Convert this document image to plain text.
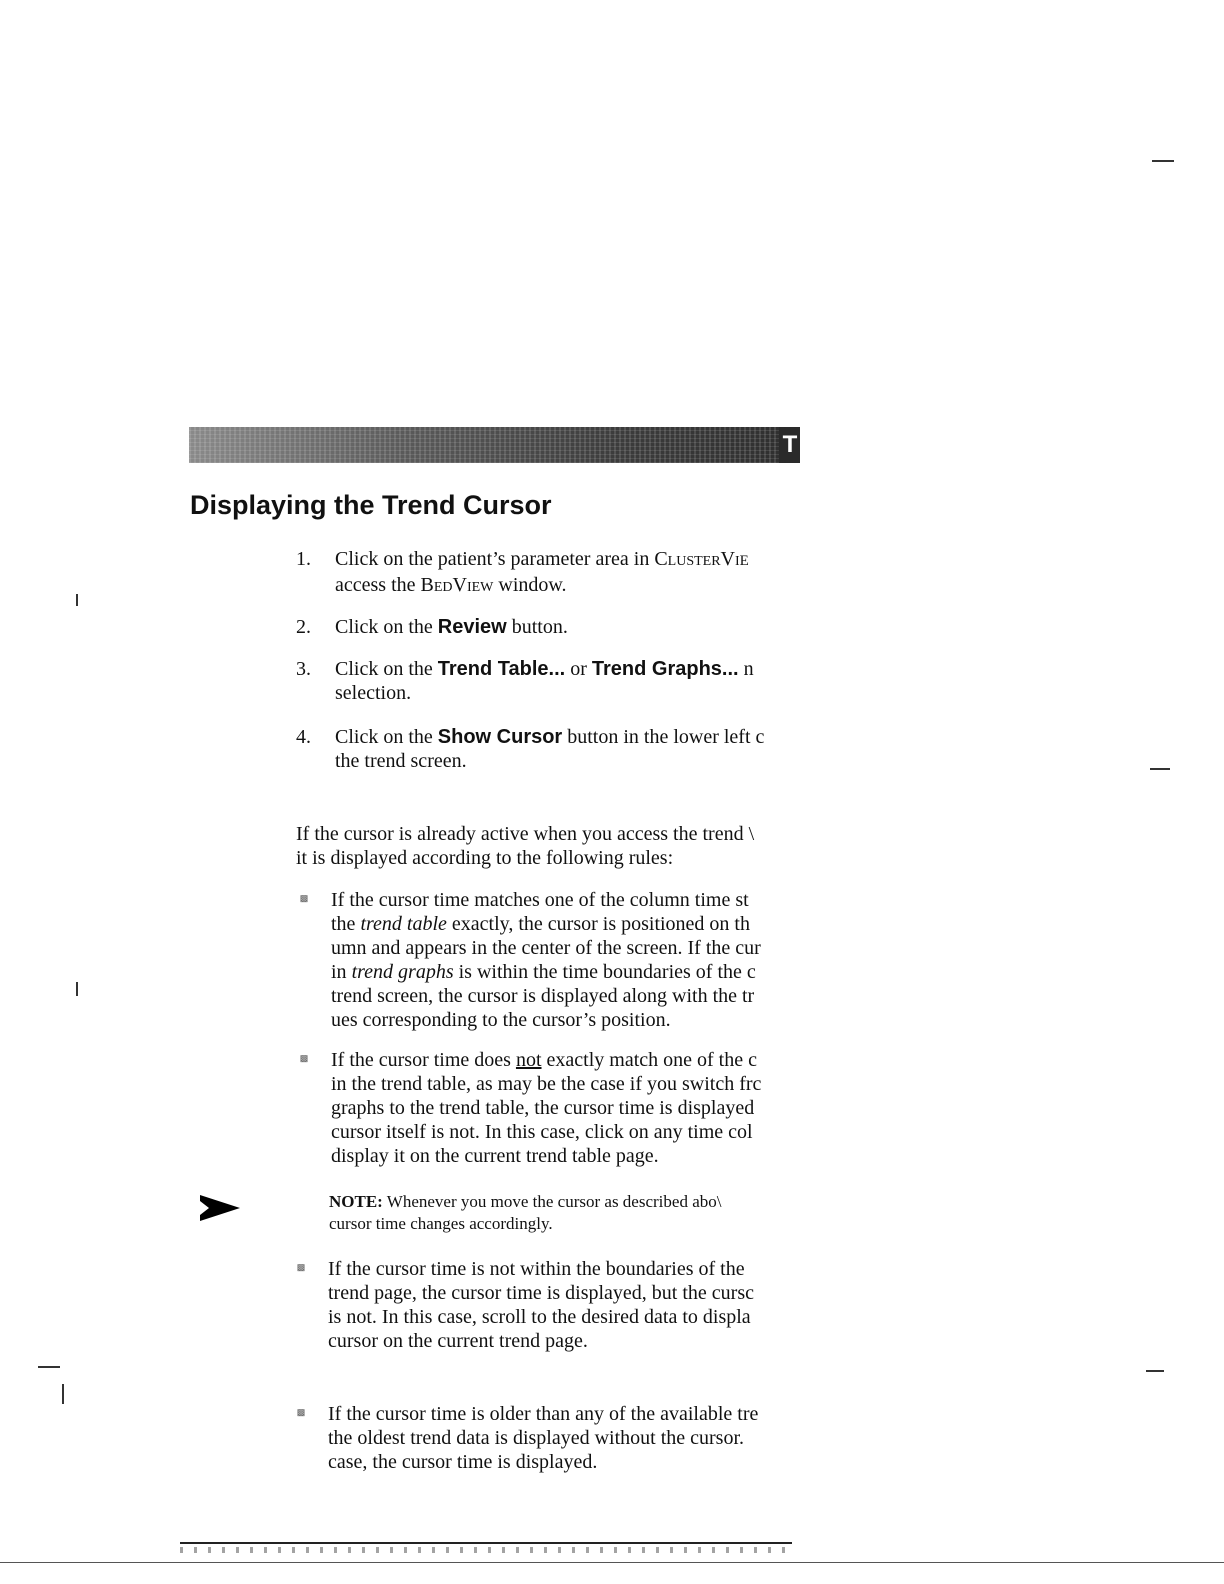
T
Displaying the Trend Cursor
1. Click on the patient’s parameter area in ClusterViE
access the BedView window.
2. Click on the Review button.
3. Click on the Trend Table... or Trend Graphs... n
selection.
4. Click on the Show Cursor button in the lower left c
the trend screen.
If the cursor is already active when you access the trend \
it is displayed according to the following rules:
▩ If the cursor time matches one of the column time st
the trend table exactly, the cursor is positioned on th
umn and appears in the center of the screen. If the cur
in trend graphs is within the time boundaries of the c
trend screen, the cursor is displayed along with the tr
ues corresponding to the cursor’s position.
▩ If the cursor time does not exactly match one of the c
in the trend table, as may be the case if you switch frc
graphs to the trend table, the cursor time is displayed
cursor itself is not. In this case, click on any time col
display it on the current trend table page.
NOTE: Whenever you move the cursor as described abo\
cursor time changes accordingly.
▩ If the cursor time is not within the boundaries of the
trend page, the cursor time is displayed, but the cursc
is not. In this case, scroll to the desired data to displa
cursor on the current trend page.
▩ If the cursor time is older than any of the available tre
the oldest trend data is displayed without the cursor.
case, the cursor time is displayed.
